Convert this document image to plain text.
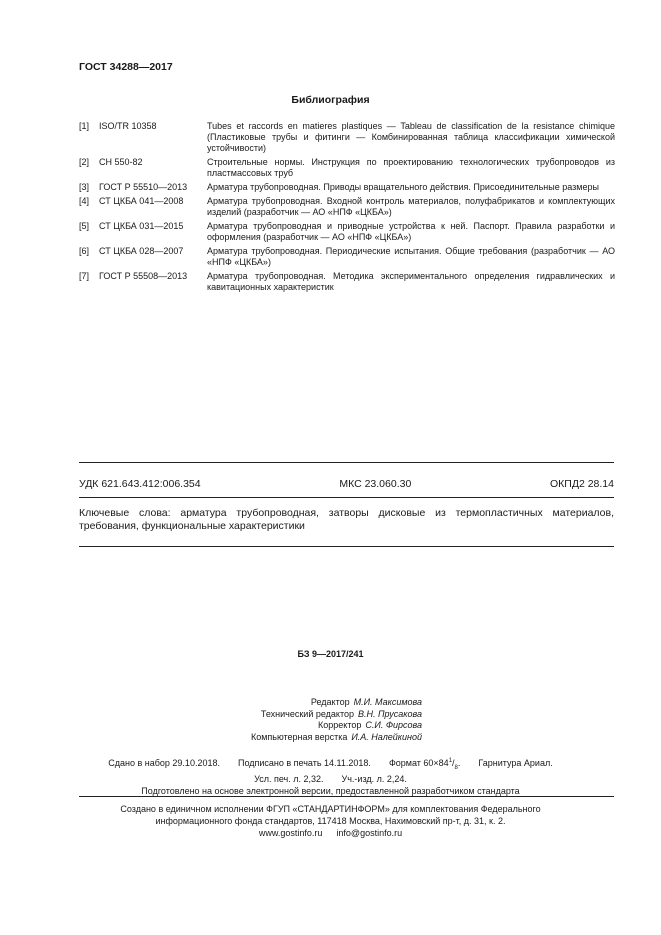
ГОСТ 34288—2017
Библиография
[1]	ISO/TR 10358	Tubes et raccords en matieres plastiques — Tableau de classification de la resistance chimique (Пластиковые трубы и фитинги — Комбинированная таблица классификации химической устойчивости)
[2]	СН 550-82	Строительные нормы. Инструкция по проектированию технологических трубопроводов из пластмассовых труб
[3]	ГОСТ Р 55510—2013	Арматура трубопроводная. Приводы вращательного действия. Присоединительные размеры
[4]	СТ ЦКБА 041—2008	Арматура трубопроводная. Входной контроль материалов, полуфабрикатов и комплектующих изделий (разработчик — АО «НПФ «ЦКБА»)
[5]	СТ ЦКБА 031—2015	Арматура трубопроводная и приводные устройства к ней. Паспорт. Правила разработки и оформления (разработчик — АО «НПФ «ЦКБА»)
[6]	СТ ЦКБА 028—2007	Арматура трубопроводная. Периодические испытания. Общие требования (разработчик — АО «НПФ «ЦКБА»)
[7]	ГОСТ Р 55508—2013	Арматура трубопроводная. Методика экспериментального определения гидравлических и кавитационных характеристик
УДК 621.643.412:006.354	МКС 23.060.30	ОКПД2 28.14
Ключевые слова: арматура трубопроводная, затворы дисковые из термопластичных материалов, требования, функциональные характеристики
БЗ 9—2017/241
Редактор М.И. Максимова
Технический редактор В.Н. Прусакова
Корректор С.И. Фирсова
Компьютерная верстка И.А. Налейкиной
Сдано в набор 29.10.2018. Подписано в печать 14.11.2018. Формат $60\times 84^1/_8$. Гарнитура Ариал.
Усл. печ. л. 2,32. Уч.-изд. л. 2,24.
Подготовлено на основе электронной версии, предоставленной разработчиком стандарта
Создано в единичном исполнении ФГУП «СТАНДАРТИНФОРМ» для комплектования Федерального
информационного фонда стандартов, 117418 Москва, Нахимовский пр-т, д. 31, к. 2.
www.gostinfo.ru info@gostinfo.ru
